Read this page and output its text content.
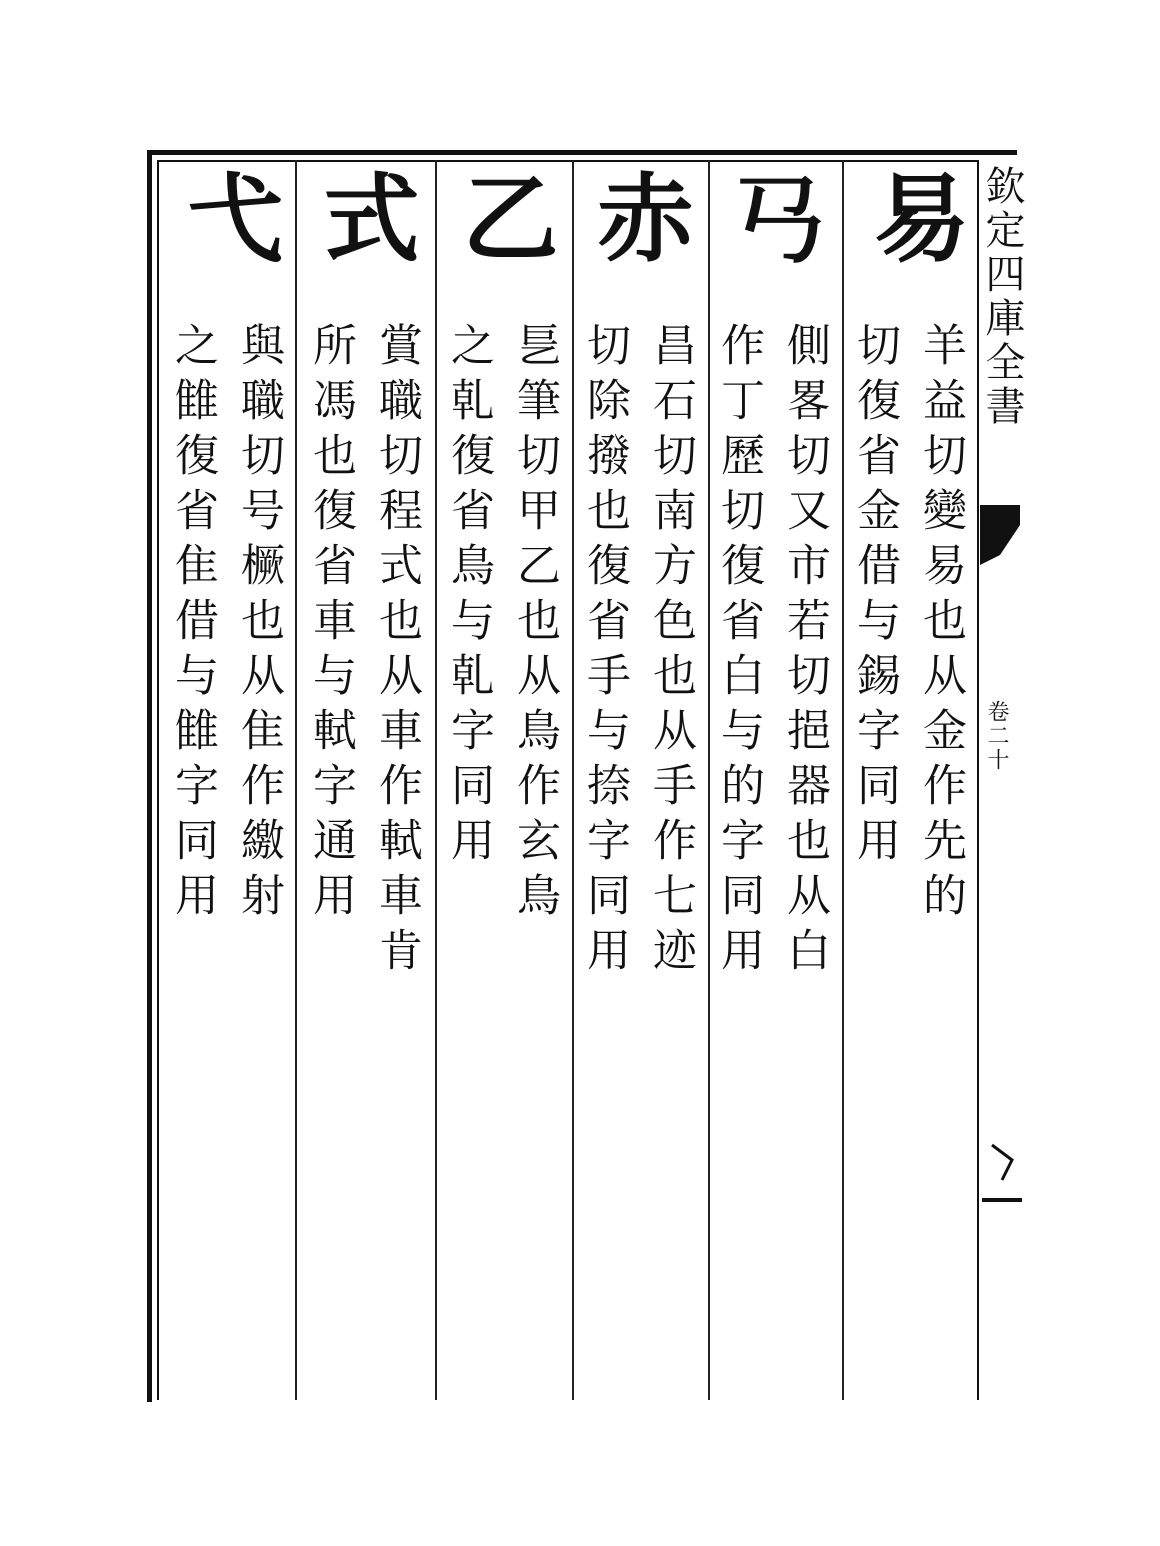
欽定四庫全書
卷二十
易
羊益切變易也从金作先的
切復省金借与錫字同用
𢎘
側畧切又市若切挹器也从白
作丁歷切復省白与的字同用
赤
昌石切南方色也从手作七迹
切除撥也復省手与捺字同用
乙
乬筆切甲乙也从鳥作玄鳥
之乹復省鳥与乹字同用
式
賞職切程式也从車作軾車肯
所馮也復省車与軾字通用
弋
與職切号橛也从隹作繳射
之雔復省隹借与雔字同用
